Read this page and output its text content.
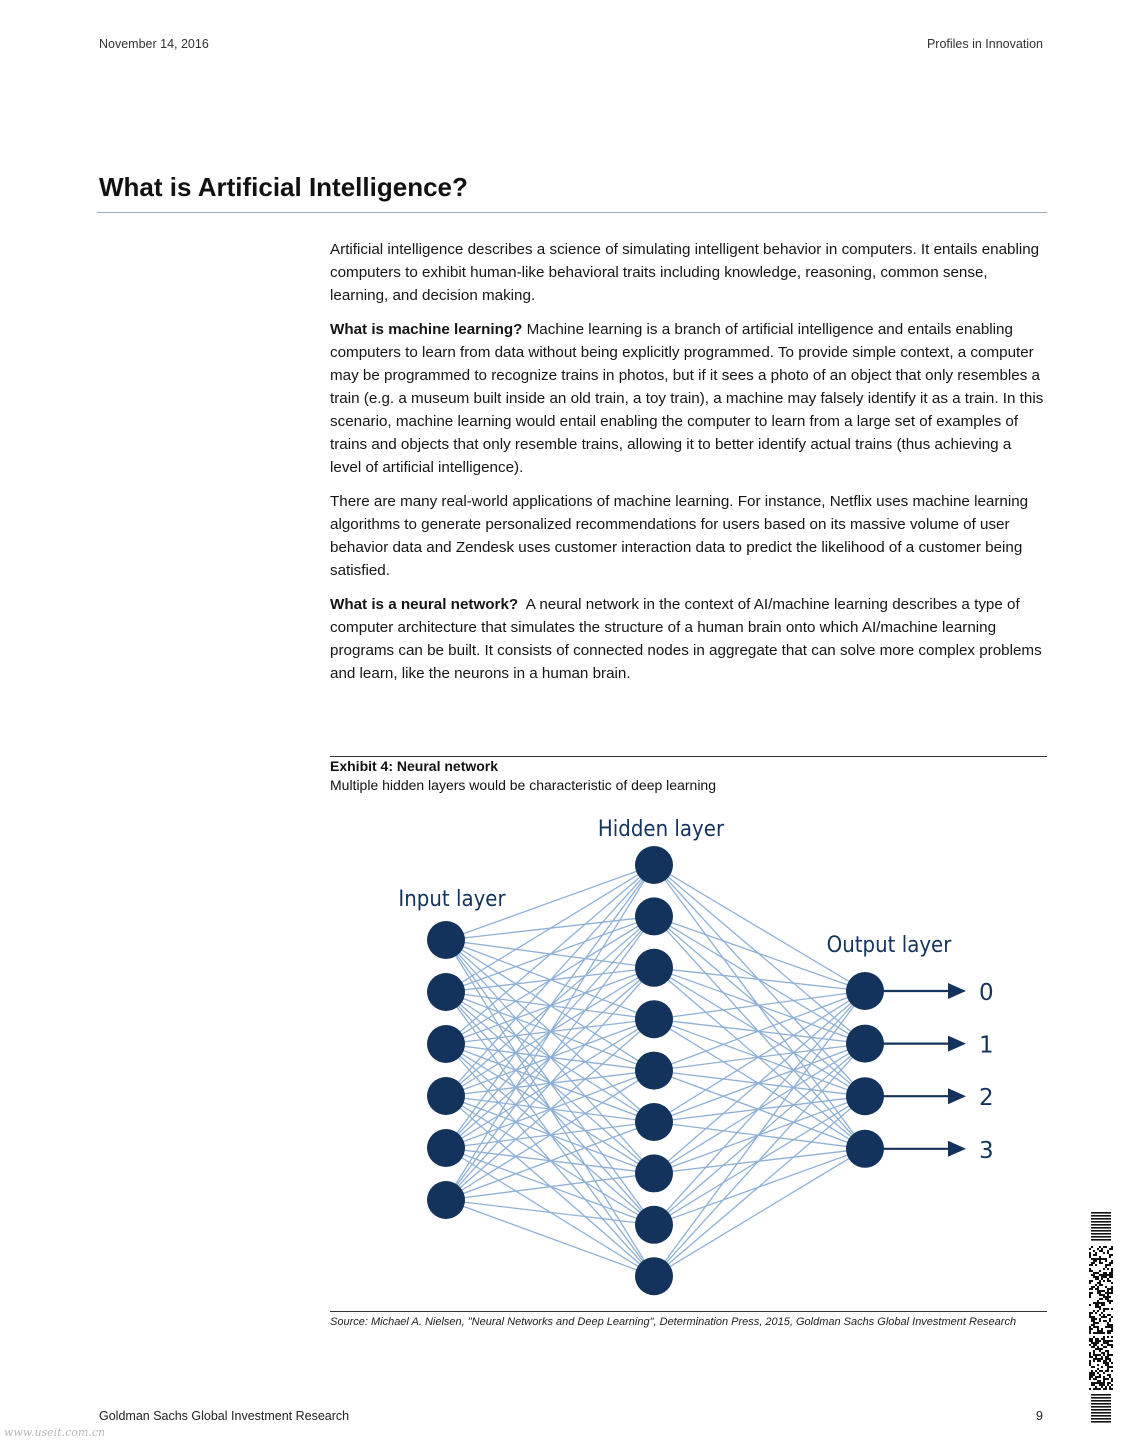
November 14, 2016	Profiles in Innovation
What is Artificial Intelligence?

Artificial intelligence describes a science of simulating intelligent behavior in computers. It entails enabling computers to exhibit human-like behavioral traits including knowledge, reasoning, common sense, learning, and decision making.

What is machine learning? Machine learning is a branch of artificial intelligence and entails enabling computers to learn from data without being explicitly programmed. To provide simple context, a computer may be programmed to recognize trains in photos, but if it sees a photo of an object that only resembles a train (e.g. a museum built inside an old train, a toy train), a machine may falsely identify it as a train. In this scenario, machine learning would entail enabling the computer to learn from a large set of examples of trains and objects that only resemble trains, allowing it to better identify actual trains (thus achieving a level of artificial intelligence).

There are many real-world applications of machine learning. For instance, Netflix uses machine learning algorithms to generate personalized recommendations for users based on its massive volume of user behavior data and Zendesk uses customer interaction data to predict the likelihood of a customer being satisfied.

What is a neural network?  A neural network in the context of AI/machine learning describes a type of computer architecture that simulates the structure of a human brain onto which AI/machine learning programs can be built. It consists of connected nodes in aggregate that can solve more complex problems and learn, like the neurons in a human brain.

Exhibit 4: Neural network
Multiple hidden layers would be characteristic of deep learning
Input layer
Hidden layer
Output layer
0
1
2
3
Source: Michael A. Nielsen, "Neural Networks and Deep Learning", Determination Press, 2015, Goldman Sachs Global Investment Research
Goldman Sachs Global Investment Research	9
www.useit.com.cn
